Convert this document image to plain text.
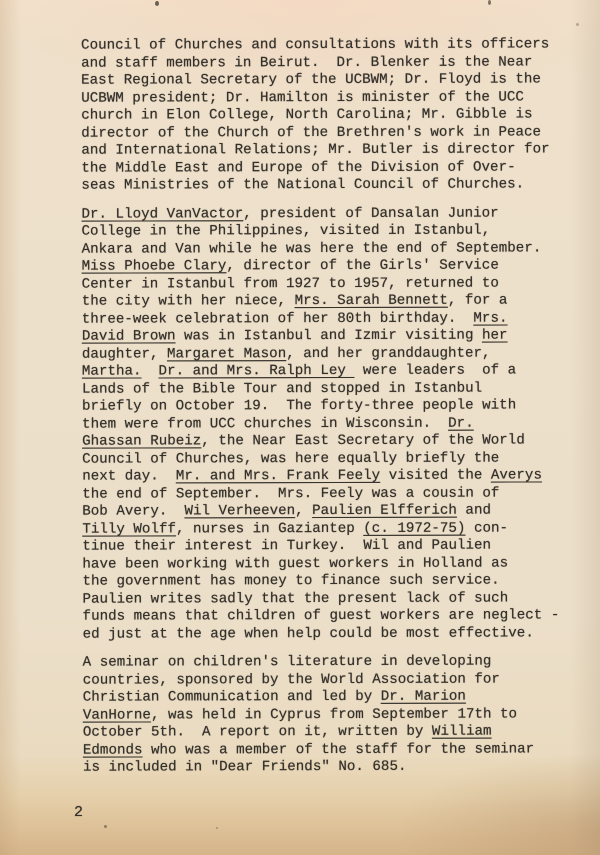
Council of Churches and consultations with its officers
and staff members in Beirut.  Dr. Blenker is the Near
East Regional Secretary of the UCBWM; Dr. Floyd is the
UCBWM president; Dr. Hamilton is minister of the UCC
church in Elon College, North Carolina; Mr. Gibble is
director of the Church of the Brethren's work in Peace
and International Relations; Mr. Butler is director for
the Middle East and Europe of the Division of Over-
seas Ministries of the National Council of Churches.
Dr. Lloyd VanVactor, president of Dansalan Junior
College in the Philippines, visited in Istanbul,
Ankara and Van while he was here the end of September.
Miss Phoebe Clary, director of the Girls' Service
Center in Istanbul from 1927 to 1957, returned to
the city with her niece, Mrs. Sarah Bennett, for a
three-week celebration of her 80th birthday.  Mrs.
David Brown was in Istanbul and Izmir visiting her
daughter, Margaret Mason, and her granddaughter,
Martha. Dr. and Mrs. Ralph Ley  were leaders  of a
Lands of the Bible Tour and stopped in Istanbul
briefly on October 19.  The forty-three people with
them were from UCC churches in Wisconsin.  Dr.
Ghassan Rubeiz, the Near East Secretary of the World
Council of Churches, was here equally briefly the
next day.  Mr. and Mrs. Frank Feely visited the Averys
the end of September.  Mrs. Feely was a cousin of
Bob Avery.  Wil Verheeven, Paulien Elfferich and
Tilly Wolff, nurses in Gaziantep (c. 1972-75) con-
tinue their interest in Turkey.  Wil and Paulien
have been working with guest workers in Holland as
the government has money to finance such service.
Paulien writes sadly that the present lack of such
funds means that children of guest workers are neglect -
ed just at the age when help could be most effective.
A seminar on children's literature in developing
countries, sponsored by the World Association for
Christian Communication and led by Dr. Marion
VanHorne, was held in Cyprus from September 17th to
October 5th.  A report on it, written by William
Edmonds who was a member of the staff for the seminar
is included in "Dear Friends" No. 685.
2
